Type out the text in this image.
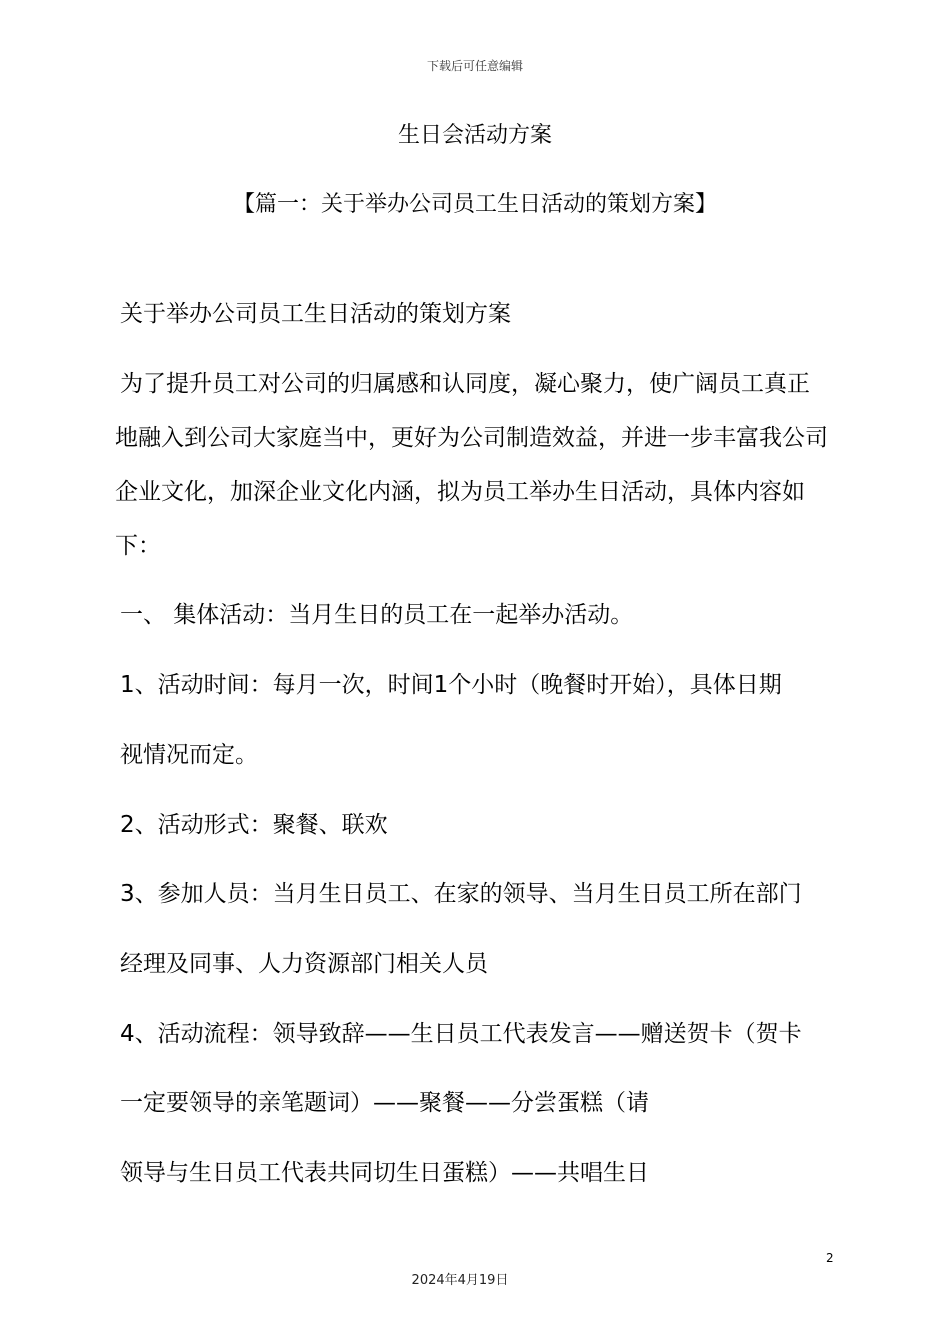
下载后可任意编辑
生日会活动方案
【篇一：关于举办公司员工生日活动的策划方案】
关于举办公司员工生日活动的策划方案
为了提升员工对公司的归属感和认同度，凝心聚力，使广阔员工真正
地融入到公司大家庭当中，更好为公司制造效益，并进一步丰富我公司
企业文化，加深企业文化内涵，拟为员工举办生日活动，具体内容如
下：
一、 集体活动：当月生日的员工在一起举办活动。
1、活动时间：每月一次，时间1个小时（晚餐时开始），具体日期
视情况而定。
2、活动形式：聚餐、联欢
3、参加人员：当月生日员工、在家的领导、当月生日员工所在部门
经理及同事、人力资源部门相关人员
4、活动流程：领导致辞——生日员工代表发言——赠送贺卡（贺卡
一定要领导的亲笔题词）——聚餐——分尝蛋糕（请
领导与生日员工代表共同切生日蛋糕）——共唱生日
2
2024年4月19日
